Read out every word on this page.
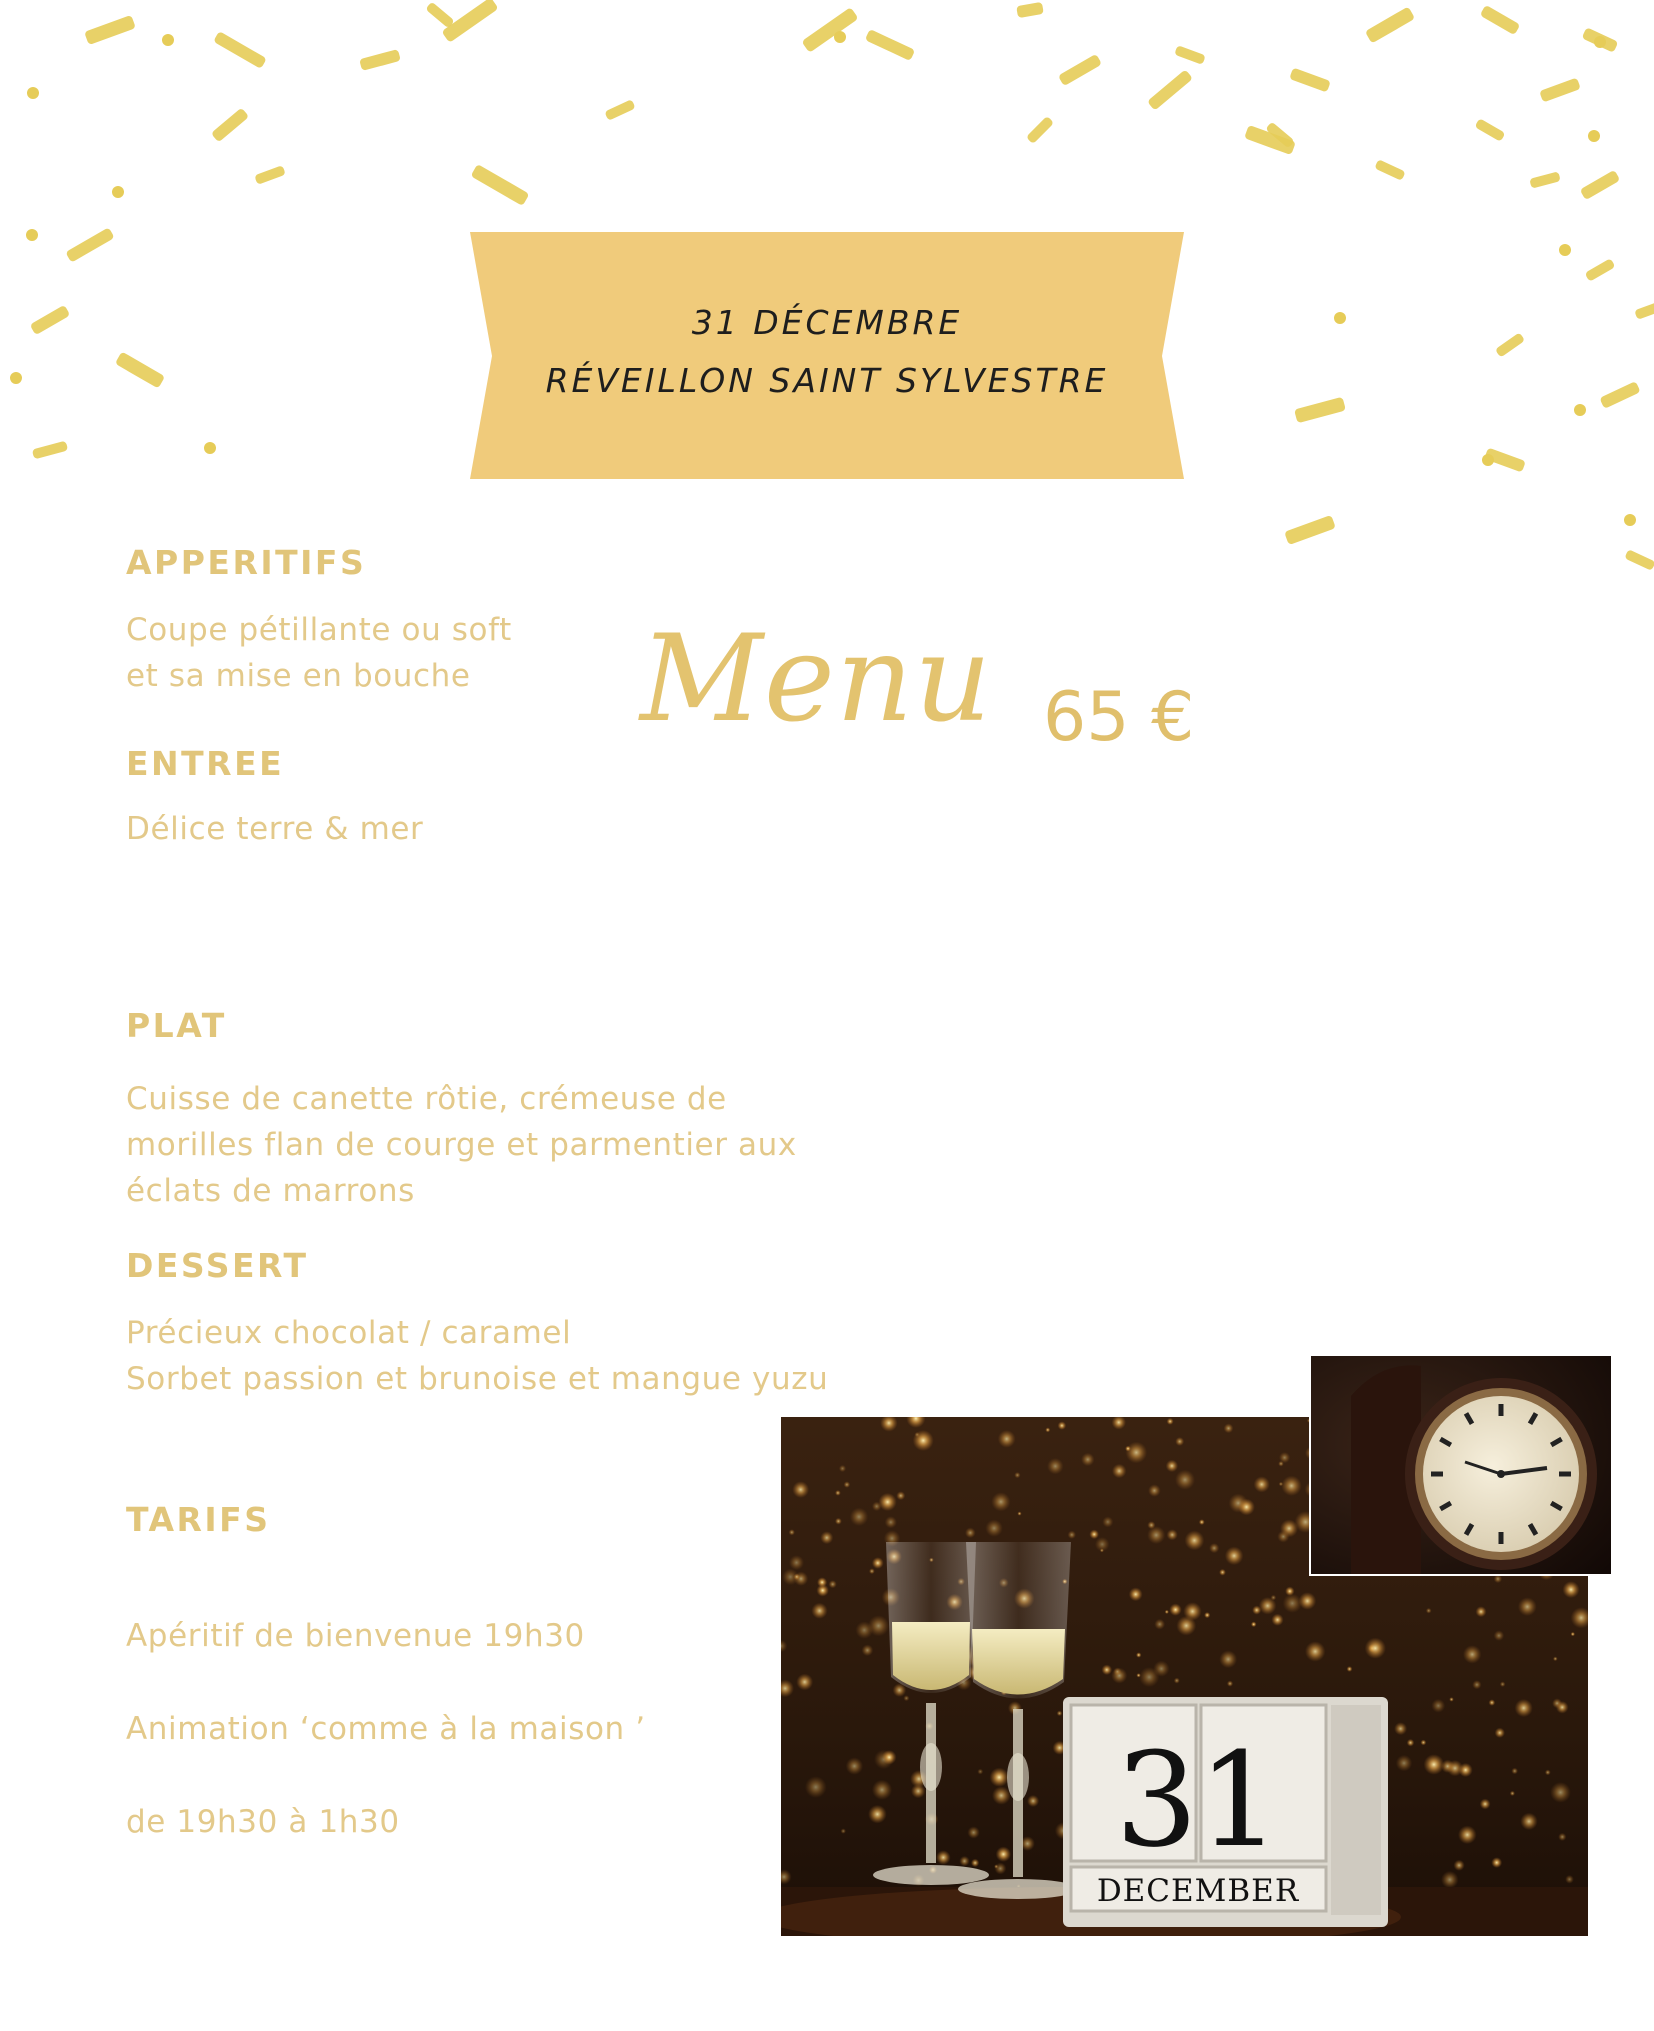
31 DÉCEMBRE
RÉVEILLON SAINT SYLVESTRE
Menu 65 €
APPERITIFS
Coupe pétillante ou soft
et sa mise en bouche
ENTREE
Délice terre & mer
PLAT
Cuisse de canette rôtie, crémeuse de
morilles flan de courge et parmentier aux
éclats de marrons
DESSERT
Précieux chocolat / caramel
Sorbet passion et brunoise et mangue yuzu
TARIFS
Apéritif de bienvenue 19h30
Animation ‘comme à la maison ’
de 19h30 à 1h30	31
DECEMBER
